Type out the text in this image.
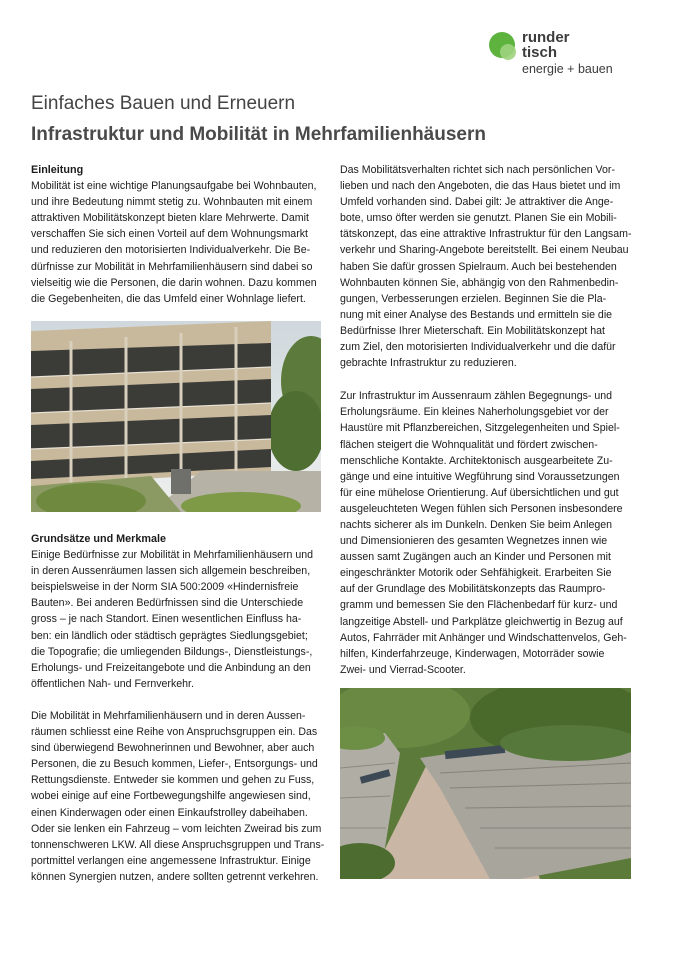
runder
tisch
energie + bauen
Einfaches Bauen und Erneuern
Infrastruktur und Mobilität in Mehrfamilienhäusern
Einleitung

Mobilität ist eine wichtige Planungsaufgabe bei Wohnbauten,
und ihre Bedeutung nimmt stetig zu. Wohnbauten mit einem
attraktiven Mobilitätskonzept bieten klare Mehrwerte. Damit
verschaffen Sie sich einen Vorteil auf dem Wohnungsmarkt
und reduzieren den motorisierten Individualverkehr. Die Be-
dürfnisse zur Mobilität in Mehrfamilienhäusern sind dabei so
vielseitig wie die Personen, die darin wohnen. Dazu kommen
die Gegebenheiten, die das Umfeld einer Wohnlage liefert.

Grundsätze und Merkmale

Einige Bedürfnisse zur Mobilität in Mehrfamilienhäusern und
in deren Aussenräumen lassen sich allgemein beschreiben,
beispielsweise in der Norm SIA 500:2009 «Hindernisfreie
Bauten». Bei anderen Bedürfnissen sind die Unterschiede
gross – je nach Standort. Einen wesentlichen Einfluss ha-
ben: ein ländlich oder städtisch geprägtes Siedlungsgebiet;
die Topografie; die umliegenden Bildungs-, Dienstleistungs-,
Erholungs- und Freizeitangebote und die Anbindung an den
öffentlichen Nah- und Fernverkehr.

Die Mobilität in Mehrfamilienhäusern und in deren Aussen-
räumen schliesst eine Reihe von Anspruchsgruppen ein. Das
sind überwiegend Bewohnerinnen und Bewohner, aber auch
Personen, die zu Besuch kommen, Liefer-, Entsorgungs- und
Rettungsdienste. Entweder sie kommen und gehen zu Fuss,
wobei einige auf eine Fortbewegungshilfe angewiesen sind,
einen Kinderwagen oder einen Einkaufstrolley dabeihaben.
Oder sie lenken ein Fahrzeug – vom leichten Zweirad bis zum
tonnenschweren LKW. All diese Anspruchsgruppen und Trans-
portmittel verlangen eine angemessene Infrastruktur. Einige
können Synergien nutzen, andere sollten getrennt verkehren.

Das Mobilitätsverhalten richtet sich nach persönlichen Vor-
lieben und nach den Angeboten, die das Haus bietet und im
Umfeld vorhanden sind. Dabei gilt: Je attraktiver die Ange-
bote, umso öfter werden sie genutzt. Planen Sie ein Mobili-
tätskonzept, das eine attraktive Infrastruktur für den Langsam-
verkehr und Sharing-Angebote bereitstellt. Bei einem Neubau
haben Sie dafür grossen Spielraum. Auch bei bestehenden
Wohnbauten können Sie, abhängig von den Rahmenbedin-
gungen, Verbesserungen erzielen. Beginnen Sie die Pla-
nung mit einer Analyse des Bestands und ermitteln sie die
Bedürfnisse Ihrer Mieterschaft. Ein Mobilitätskonzept hat
zum Ziel, den motorisierten Individualverkehr und die dafür
gebrachte Infrastruktur zu reduzieren.

Zur Infrastruktur im Aussenraum zählen Begegnungs- und
Erholungsräume. Ein kleines Naherholungsgebiet vor der
Haustüre mit Pflanzbereichen, Sitzgelegenheiten und Spiel-
flächen steigert die Wohnqualität und fördert zwischen-
menschliche Kontakte. Architektonisch ausgearbeitete Zu-
gänge und eine intuitive Wegführung sind Voraussetzungen
für eine mühelose Orientierung. Auf übersichtlichen und gut
ausgeleuchteten Wegen fühlen sich Personen insbesondere
nachts sicherer als im Dunkeln. Denken Sie beim Anlegen
und Dimensionieren des gesamten Wegnetzes innen wie
aussen samt Zugängen auch an Kinder und Personen mit
eingeschränkter Motorik oder Sehfähigkeit. Erarbeiten Sie
auf der Grundlage des Mobilitätskonzepts das Raumpro-
gramm und bemessen Sie den Flächenbedarf für kurz- und
langzeitige Abstell- und Parkplätze gleichwertig in Bezug auf
Autos, Fahrräder mit Anhänger und Windschattenvelos, Geh-
hilfen, Kinderfahrzeuge, Kinderwagen, Motorräder sowie
Zwei- und Vierrad-Scooter.
